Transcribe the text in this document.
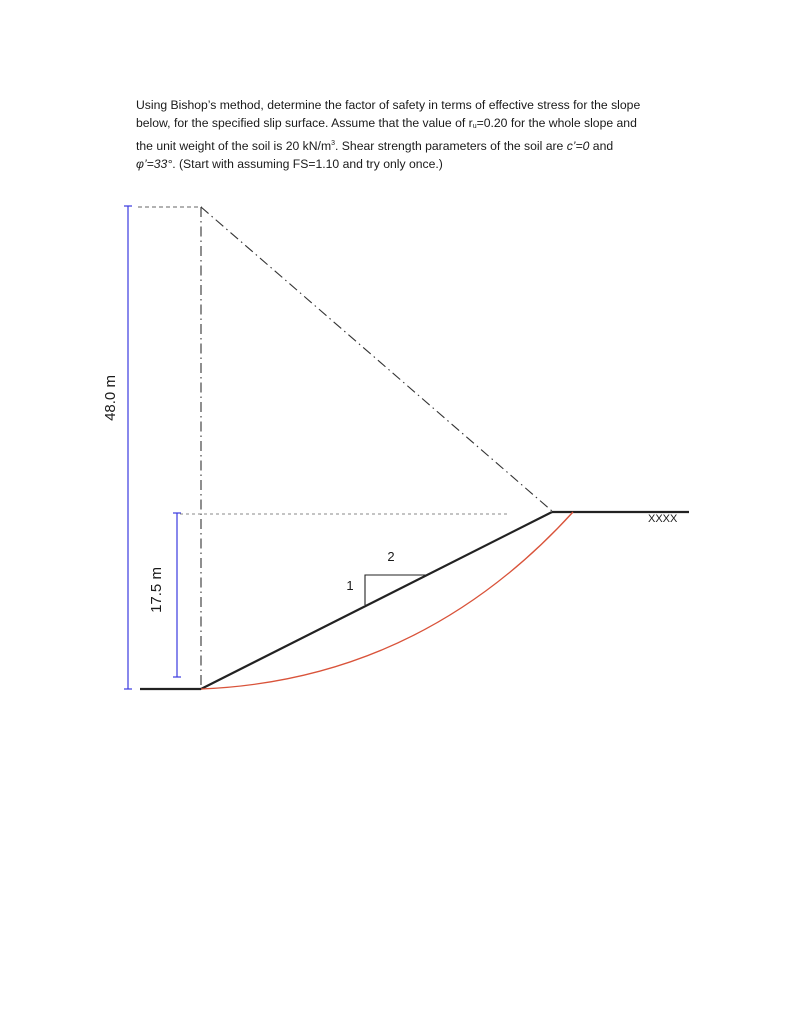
Using Bishop’s method, determine the factor of safety in terms of effective stress for the slope
below, for the specified slip surface. Assume that the value of $r_u=0.20$ for the whole slope and
the unit weight of the soil is 20 $kN/m^3$. Shear strength parameters of the soil are c’=0 and
φ’=33°. (Start with assuming FS=1.10 and try only once.)
48.0 m
17.5 m
XXXX
2
1
